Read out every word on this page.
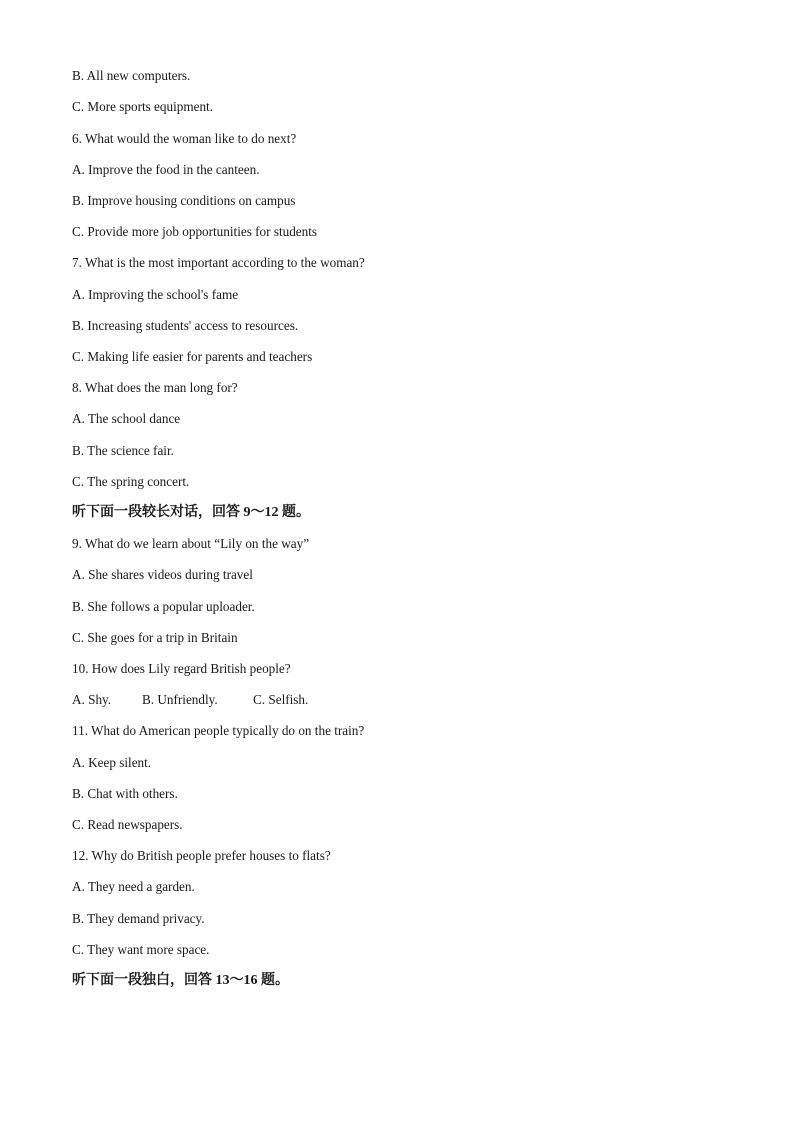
B. All new computers.
C. More sports equipment.
6. What would the woman like to do next?
A. Improve the food in the canteen.
B. Improve housing conditions on campus
C. Provide more job opportunities for students
7. What is the most important according to the woman?
A. Improving the school's fame
B. Increasing students' access to resources.
C. Making life easier for parents and teachers
8. What does the man long for?
A. The school dance
B. The science fair.
C. The spring concert.
听下面一段较长对话，回答 9～12 题。
9. What do we learn about “Lily on the way”
A. She shares videos during travel
B. She follows a popular uploader.
C. She goes for a trip in Britain
10. How does Lily regard British people?
A. Shy. B. Unfriendly.	C. Selfish.
11. What do American people typically do on the train?
A. Keep silent.
B. Chat with others.
C. Read newspapers.
12. Why do British people prefer houses to flats?
A. They need a garden.
B. They demand privacy.
C. They want more space.
听下面一段独白，回答 13～16 题。
